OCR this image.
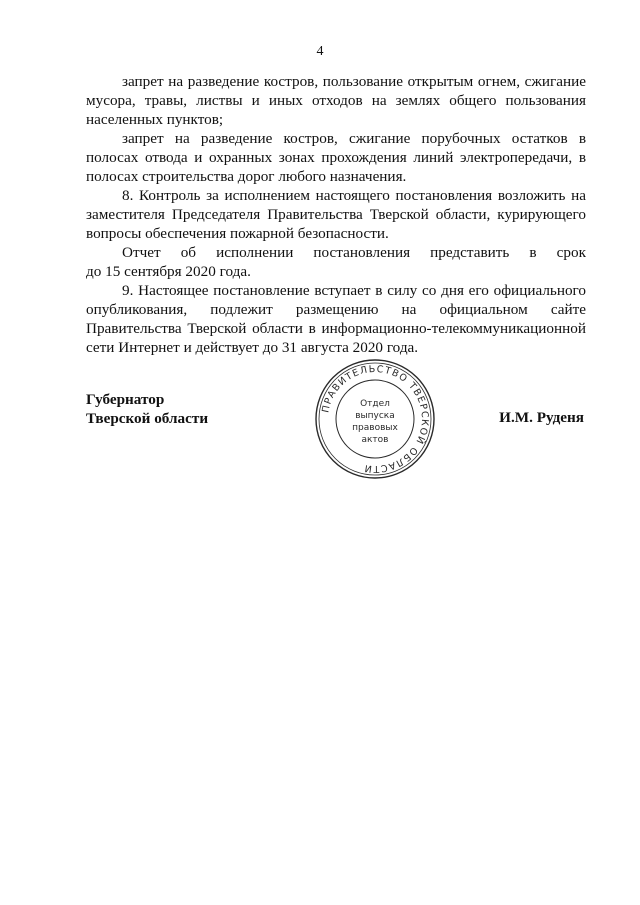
4

запрет на разведение костров, пользование открытым огнем, сжигание мусора, травы, листвы и иных отходов на землях общего пользования населенных пунктов;

запрет на разведение костров, сжигание порубочных остатков в полосах отвода и охранных зонах прохождения линий электропередачи, в полосах строительства дорог любого назначения.

8. Контроль за исполнением настоящего постановления возложить на заместителя Председателя Правительства Тверской области, курирующего вопросы обеспечения пожарной безопасности.

Отчет об исполнении постановления представить в срок

до 15 сентября 2020 года.

9. Настоящее постановление вступает в силу со дня его официального опубликования, подлежит размещению на официальном сайте Правительства Тверской области в информационно-телекоммуникационной сети Интернет и действует до 31 августа 2020 года.

Губернатор
Тверской области
ПРАВИТЕЛЬСТВО ТВЕРСКОЙ ОБЛАСТИ
Отдел
выпуска
правовых
актов
И.М. Руденя
